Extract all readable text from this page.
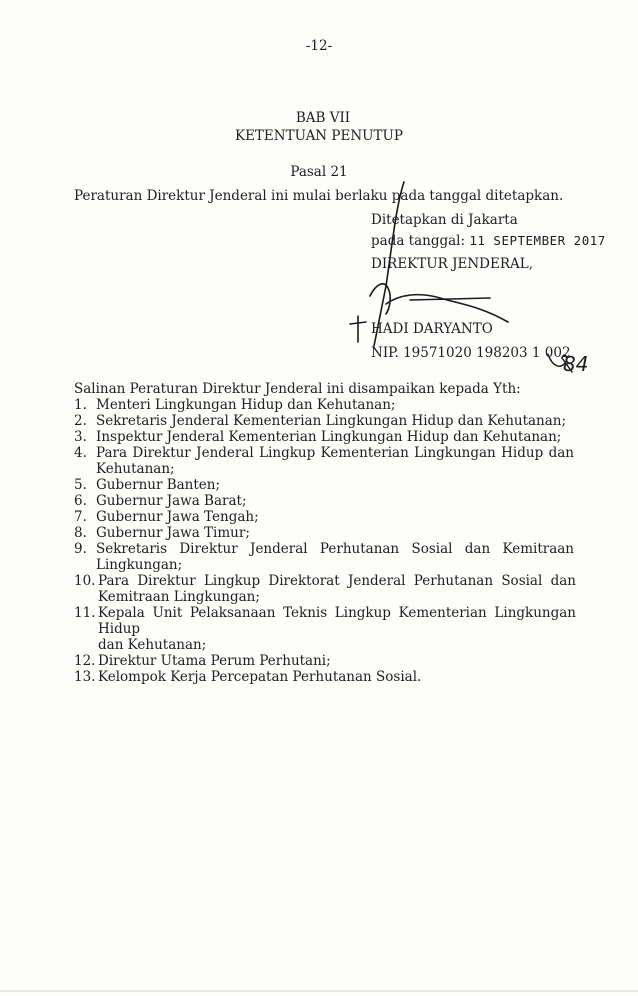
-12-
BAB VII
KETENTUAN PENUTUP
Pasal 21
Peraturan Direktur Jenderal ini mulai berlaku pada tanggal ditetapkan.
Ditetapkan di Jakarta
pada tanggal: 11 SEPTEMBER 2017
DIREKTUR JENDERAL,
HADI DARYANTO
NIP. 19571020 198203 1 002
84
Salinan Peraturan Direktur Jenderal ini disampaikan kepada Yth:
1. Menteri Lingkungan Hidup dan Kehutanan;
2. Sekretaris Jenderal Kementerian Lingkungan Hidup dan Kehutanan;
3. Inspektur Jenderal Kementerian Lingkungan Hidup dan Kehutanan;
4. Para Direktur Jenderal Lingkup Kementerian Lingkungan Hidup dan
Kehutanan;
5. Gubernur Banten;
6. Gubernur Jawa Barat;
7. Gubernur Jawa Tengah;
8. Gubernur Jawa Timur;
9. Sekretaris Direktur Jenderal Perhutanan Sosial dan Kemitraan
Lingkungan;
10. Para Direktur Lingkup Direktorat Jenderal Perhutanan Sosial dan
Kemitraan Lingkungan;
11. Kepala Unit Pelaksanaan Teknis Lingkup Kementerian Lingkungan Hidup
dan Kehutanan;
12. Direktur Utama Perum Perhutani;
13. Kelompok Kerja Percepatan Perhutanan Sosial.
